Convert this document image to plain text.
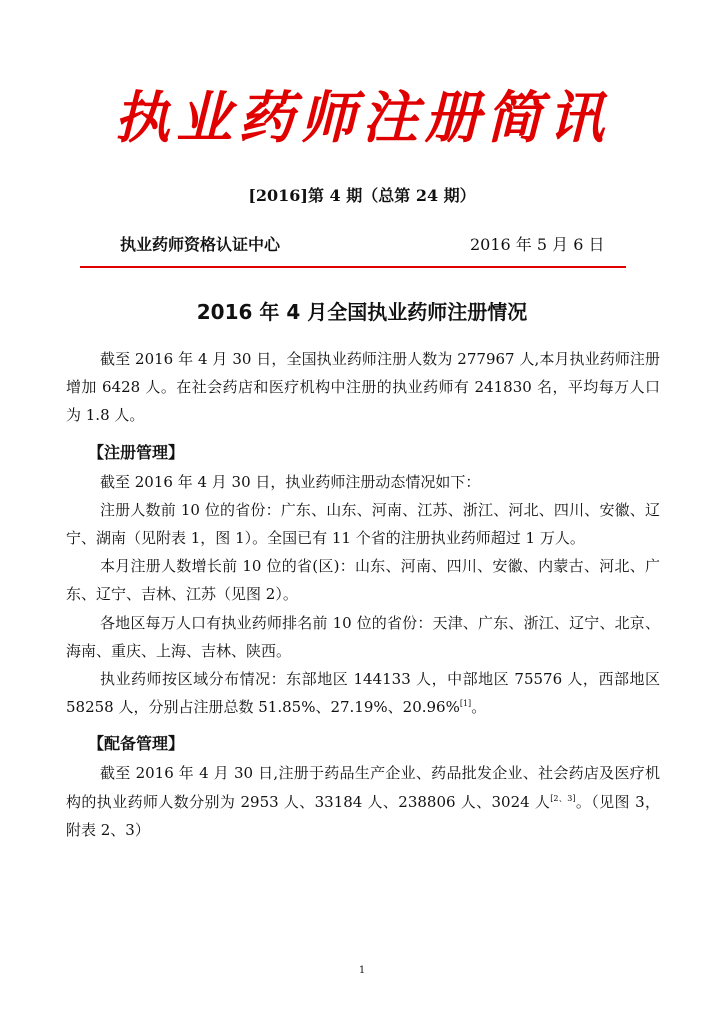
执业药师注册简讯
[2016]第 4 期（总第 24 期）
执业药师资格认证中心	2016 年 5 月 6 日
2016 年 4 月全国执业药师注册情况

截至 2016 年 4 月 30 日，全国执业药师注册人数为 277967 人,本月执业药师注册增加 6428 人。在社会药店和医疗机构中注册的执业药师有 241830 名，平均每万人口为 1.8 人。

【注册管理】

截至 2016 年 4 月 30 日，执业药师注册动态情况如下：

注册人数前 10 位的省份：广东、山东、河南、江苏、浙江、河北、四川、安徽、辽宁、湖南（见附表 1，图 1）。全国已有 11 个省的注册执业药师超过 1 万人。

本月注册人数增长前 10 位的省(区)：山东、河南、四川、安徽、内蒙古、河北、广东、辽宁、吉林、江苏（见图 2）。

各地区每万人口有执业药师排名前 10 位的省份：天津、广东、浙江、辽宁、北京、海南、重庆、上海、吉林、陕西。

执业药师按区域分布情况：东部地区 144133 人，中部地区 75576 人，西部地区 58258 人，分别占注册总数 51.85%、27.19%、20.96%[1]。

【配备管理】

截至 2016 年 4 月 30 日,注册于药品生产企业、药品批发企业、社会药店及医疗机构的执业药师人数分别为 2953 人、33184 人、238806 人、3024 人[2、3]。（见图 3，附表 2、3）

1
